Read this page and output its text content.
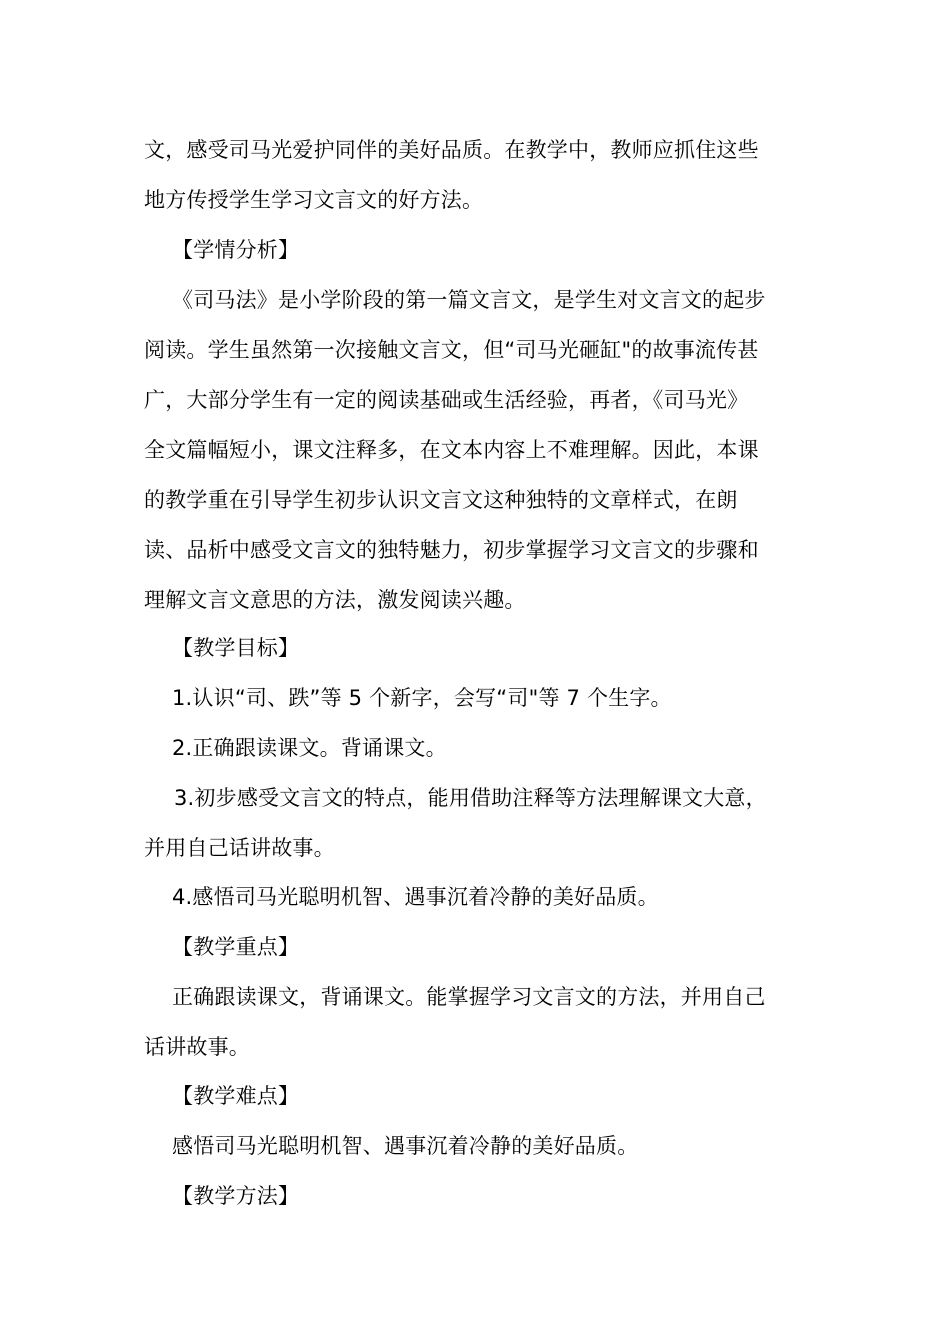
文，感受司马光爱护同伴的美好品质。在教学中，教师应抓住这些
地方传授学生学习文言文的好方法。
【学情分析】
《司马法》是小学阶段的第一篇文言文，是学生对文言文的起步
阅读。学生虽然第一次接触文言文，但“司马光砸缸"的故事流传甚
广，大部分学生有一定的阅读基础或生活经验，再者，《司马光》
全文篇幅短小，课文注释多，在文本内容上不难理解。因此，本课
的教学重在引导学生初步认识文言文这种独特的文章样式，在朗
读、品析中感受文言文的独特魅力，初步掌握学习文言文的步骤和
理解文言文意思的方法，激发阅读兴趣。
【教学目标】
1.认识“司、跌”等 5 个新字，会写“司"等 7 个生字。
2.正确跟读课文。背诵课文。
3.初步感受文言文的特点，能用借助注释等方法理解课文大意，
并用自己话讲故事。
4.感悟司马光聪明机智、遇事沉着冷静的美好品质。
【教学重点】
正确跟读课文，背诵课文。能掌握学习文言文的方法，并用自己
话讲故事。
【教学难点】
感悟司马光聪明机智、遇事沉着冷静的美好品质。
【教学方法】
